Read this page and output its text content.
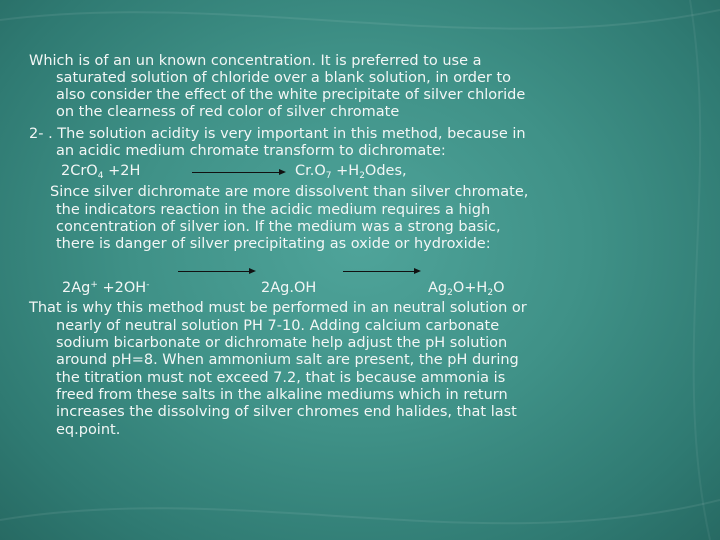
Which is of an un known concentration. It is preferred to use a
saturated solution of chloride over a blank solution, in order to
also consider the effect of the white precipitate of silver chloride
on the clearness of red color of silver chromate
2- . The solution acidity is very important in this method, because in
an acidic medium chromate transform to dichromate:
2CrO$_4$ +2H	$Cr.O_7$ $+H_2Odes$,
Since silver dichromate are more dissolvent than silver chromate,
the indicators reaction in the acidic medium requires a high
concentration of silver ion. If the medium was a strong basic,
there is danger of silver precipitating as oxide or hydroxide:
2Ag+ +2OH-	2Ag.OH	$Ag_2O+H_2O$
That is why this method must be performed in an neutral solution or
nearly of neutral solution PH 7-10. Adding calcium carbonate
sodium bicarbonate or dichromate help adjust the pH solution
around pH=8. When ammonium salt are present, the pH during
the titration must not exceed 7.2, that is because ammonia is
freed from these salts in the alkaline mediums which in return
increases the dissolving of silver chromes end halides, that last
eq.point.
